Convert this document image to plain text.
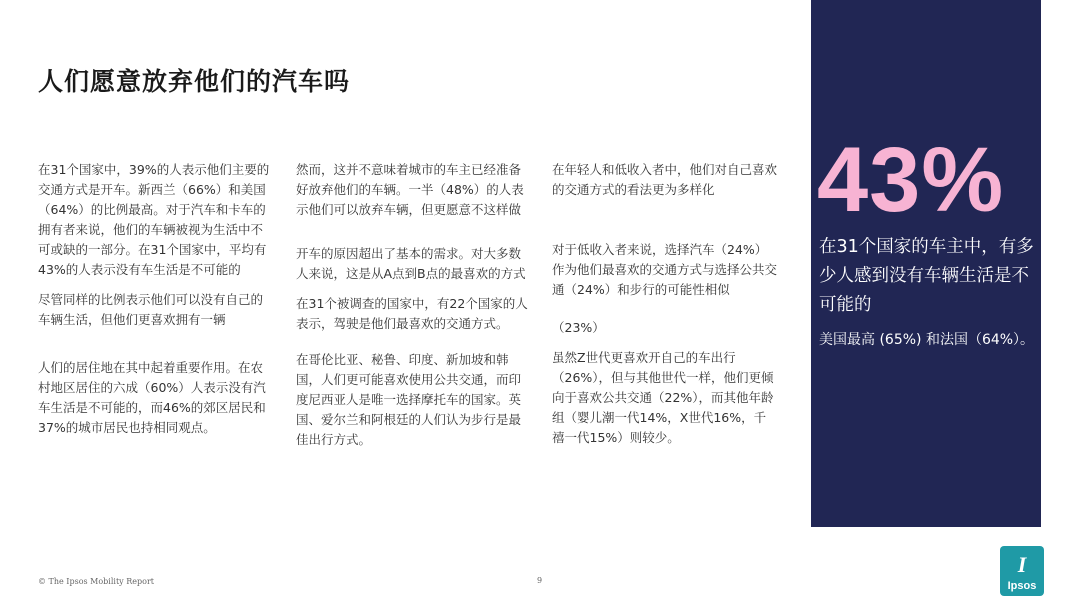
人们愿意放弃他们的汽车吗

在31个国家中，39%的人表示他们主要的交通方式是开车。新西兰（66%）和美国（64%）的比例最高。对于汽车和卡车的拥有者来说，他们的车辆被视为生活中不可或缺的一部分。在31个国家中，平均有43%的人表示没有车生活是不可能的

尽管同样的比例表示他们可以没有自己的车辆生活，但他们更喜欢拥有一辆

人们的居住地在其中起着重要作用。在农村地区居住的六成（60%）人表示没有汽车生活是不可能的，而46%的郊区居民和37%的城市居民也持相同观点。

然而，这并不意味着城市的车主已经准备好放弃他们的车辆。一半（48%）的人表示他们可以放弃车辆，但更愿意不这样做

开车的原因超出了基本的需求。对大多数人来说，这是从A点到B点的最喜欢的方式

在31个被调查的国家中，有22个国家的人表示，驾驶是他们最喜欢的交通方式。

在哥伦比亚、秘鲁、印度、新加坡和韩国，人们更可能喜欢使用公共交通，而印度尼西亚人是唯一选择摩托车的国家。英国、爱尔兰和阿根廷的人们认为步行是最佳出行方式。

在年轻人和低收入者中，他们对自己喜欢的交通方式的看法更为多样化

对于低收入者来说，选择汽车（24%）作为他们最喜欢的交通方式与选择公共交通（24%）和步行的可能性相似

（23%）

虽然Z世代更喜欢开自己的车出行（26%），但与其他世代一样，他们更倾向于喜欢公共交通（22%），而其他年龄组（婴儿潮一代14%，X世代16%，千禧一代15%）则较少。

43%
在31个国家的车主中，有多少人感到没有车辆生活是不可能的
美国最高 (65%) 和法国（64%）。
© The Ipsos Mobility Report	9
I
Ipsos
